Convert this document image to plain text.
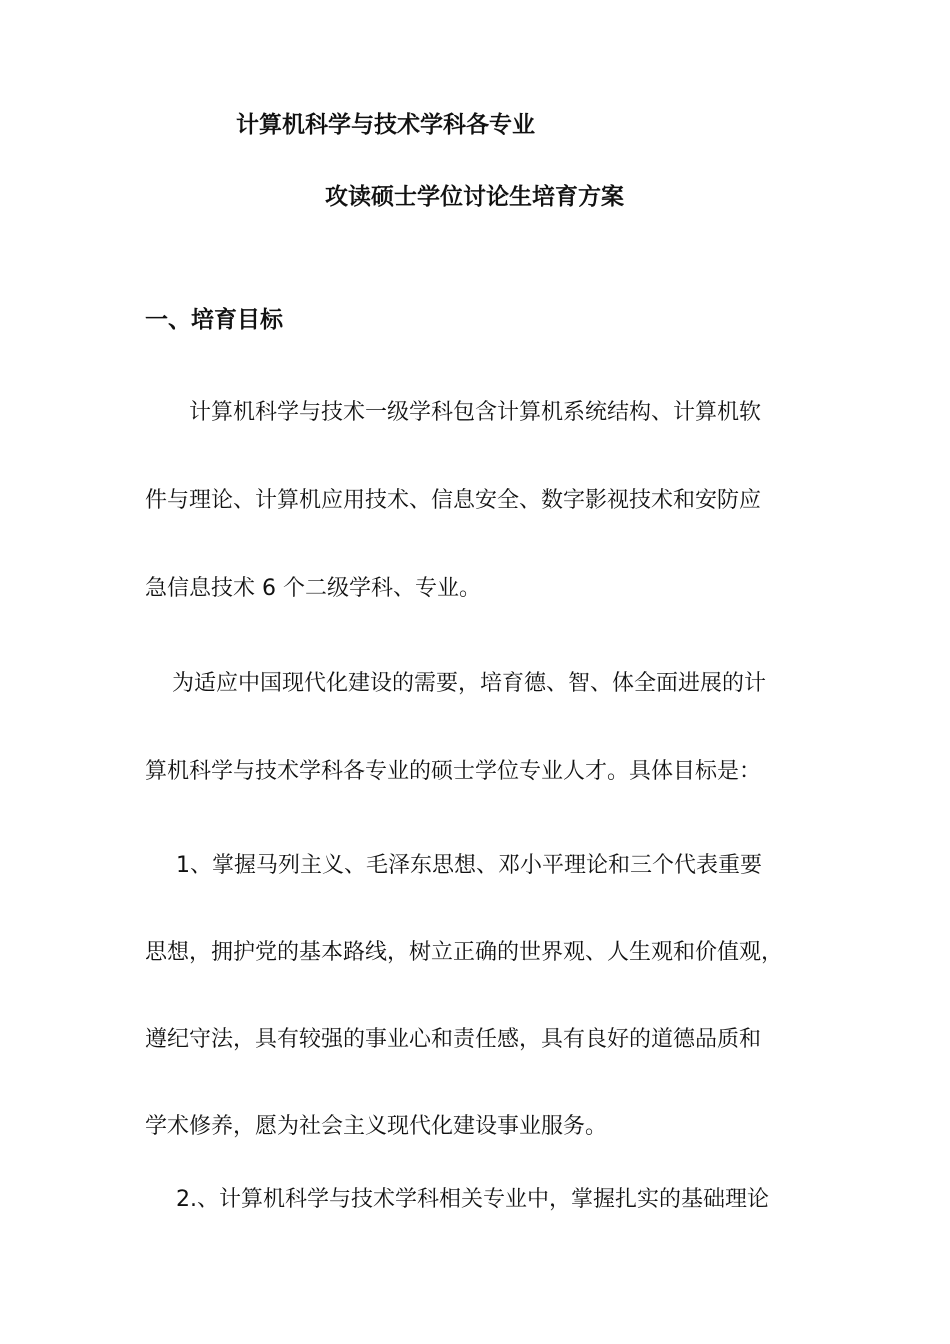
计算机科学与技术学科各专业
攻读硕士学位讨论生培育方案
一、培育目标
计算机科学与技术一级学科包含计算机系统结构、计算机软
件与理论、计算机应用技术、信息安全、数字影视技术和安防应
急信息技术 6 个二级学科、专业。
为适应中国现代化建设的需要，培育德、智、体全面进展的计
算机科学与技术学科各专业的硕士学位专业人才。具体目标是：
1、掌握马列主义、毛泽东思想、邓小平理论和三个代表重要
思想，拥护党的基本路线，树立正确的世界观、人生观和价值观，
遵纪守法，具有较强的事业心和责任感，具有良好的道德品质和
学术修养，愿为社会主义现代化建设事业服务。
2.、计算机科学与技术学科相关专业中，掌握扎实的基础理论
